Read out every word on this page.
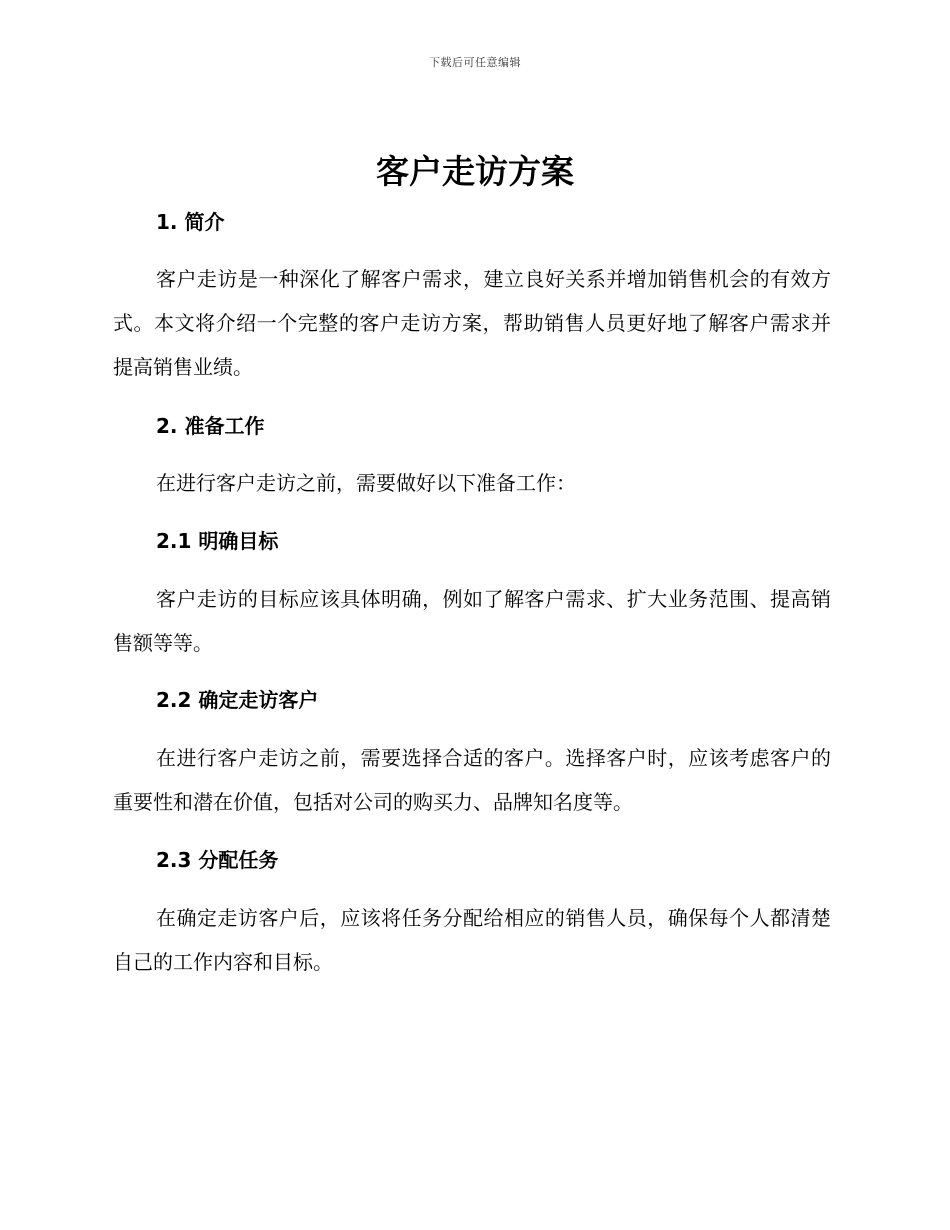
下载后可任意编辑
客户走访方案
1. 简介

客户走访是一种深化了解客户需求，建立良好关系并增加销售机会的有效方式。本文将介绍一个完整的客户走访方案，帮助销售人员更好地了解客户需求并提高销售业绩。

2. 准备工作

在进行客户走访之前，需要做好以下准备工作：

2.1 明确目标

客户走访的目标应该具体明确，例如了解客户需求、扩大业务范围、提高销售额等等。

2.2 确定走访客户

在进行客户走访之前，需要选择合适的客户。选择客户时，应该考虑客户的重要性和潜在价值，包括对公司的购买力、品牌知名度等。

2.3 分配任务

在确定走访客户后，应该将任务分配给相应的销售人员，确保每个人都清楚自己的工作内容和目标。
